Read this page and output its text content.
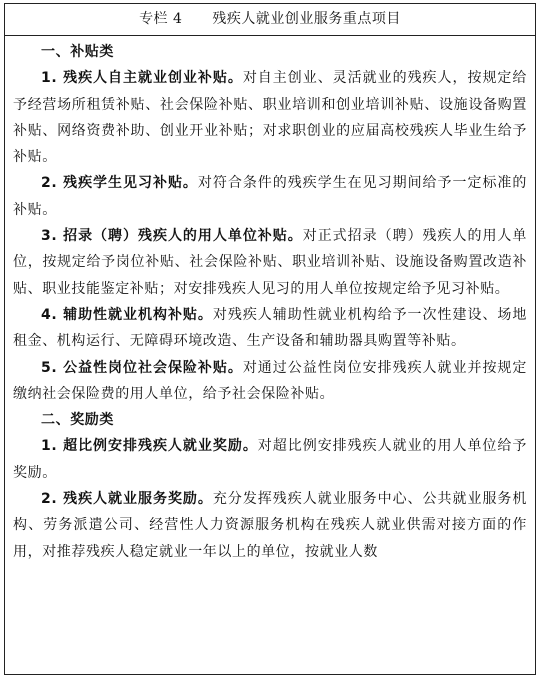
专栏 4 残疾人就业创业服务重点项目

一、补贴类

1. 残疾人自主就业创业补贴。对自主创业、灵活就业的残疾人，按规定给予经营场所租赁补贴、社会保险补贴、职业培训和创业培训补贴、设施设备购置补贴、网络资费补助、创业开业补贴；对求职创业的应届高校残疾人毕业生给予补贴。

2. 残疾学生见习补贴。对符合条件的残疾学生在见习期间给予一定标准的补贴。

3. 招录（聘）残疾人的用人单位补贴。对正式招录（聘）残疾人的用人单位，按规定给予岗位补贴、社会保险补贴、职业培训补贴、设施设备购置改造补贴、职业技能鉴定补贴；对安排残疾人见习的用人单位按规定给予见习补贴。

4. 辅助性就业机构补贴。对残疾人辅助性就业机构给予一次性建设、场地租金、机构运行、无障碍环境改造、生产设备和辅助器具购置等补贴。

5. 公益性岗位社会保险补贴。对通过公益性岗位安排残疾人就业并按规定缴纳社会保险费的用人单位，给予社会保险补贴。

二、奖励类

1. 超比例安排残疾人就业奖励。对超比例安排残疾人就业的用人单位给予奖励。

2. 残疾人就业服务奖励。充分发挥残疾人就业服务中心、公共就业服务机构、劳务派遣公司、经营性人力资源服务机构在残疾人就业供需对接方面的作用，对推荐残疾人稳定就业一年以上的单位，按就业人数
